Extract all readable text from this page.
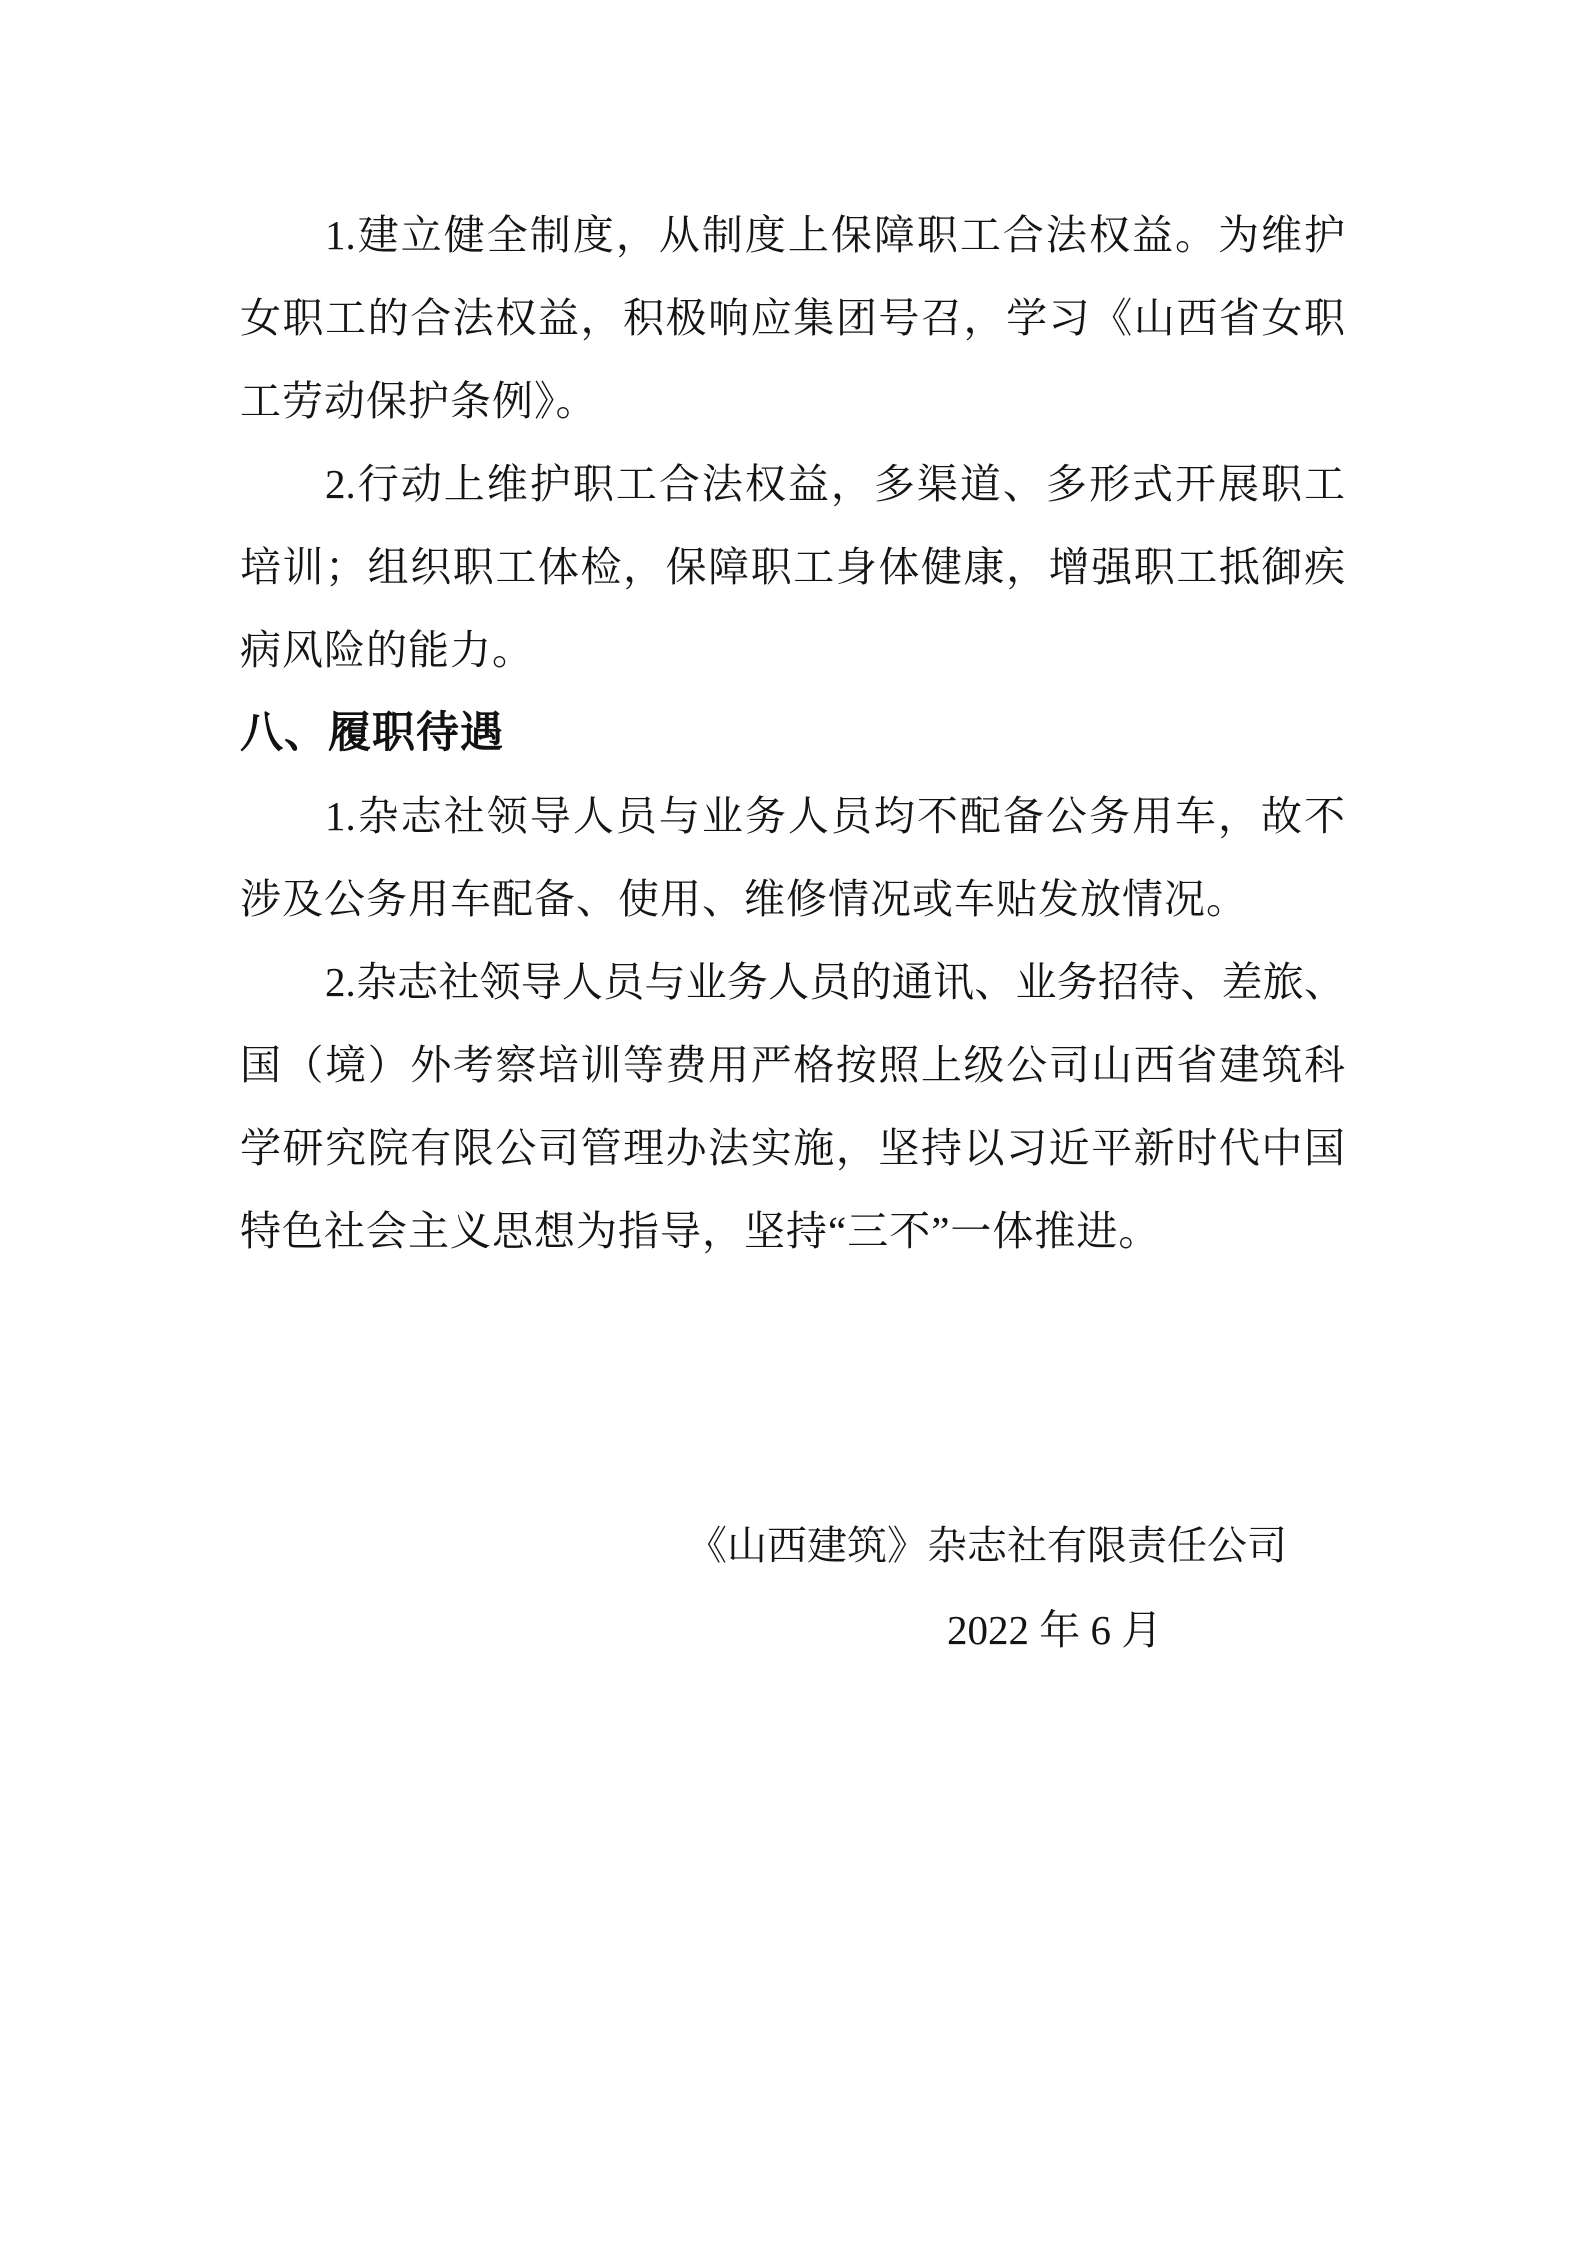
1.建立健全制度，从制度上保障职工合法权益。为维护
女职工的合法权益，积极响应集团号召，学习《山西省女职
工劳动保护条例》。
2.行动上维护职工合法权益，多渠道、多形式开展职工
培训；组织职工体检，保障职工身体健康，增强职工抵御疾
病风险的能力。
八、履职待遇
1.杂志社领导人员与业务人员均不配备公务用车，故不
涉及公务用车配备、使用、维修情况或车贴发放情况。
2.杂志社领导人员与业务人员的通讯、业务招待、差旅、
国（境）外考察培训等费用严格按照上级公司山西省建筑科
学研究院有限公司管理办法实施，坚持以习近平新时代中国
特色社会主义思想为指导，坚持“三不”一体推进。
《山西建筑》杂志社有限责任公司
2022 年 6 月
